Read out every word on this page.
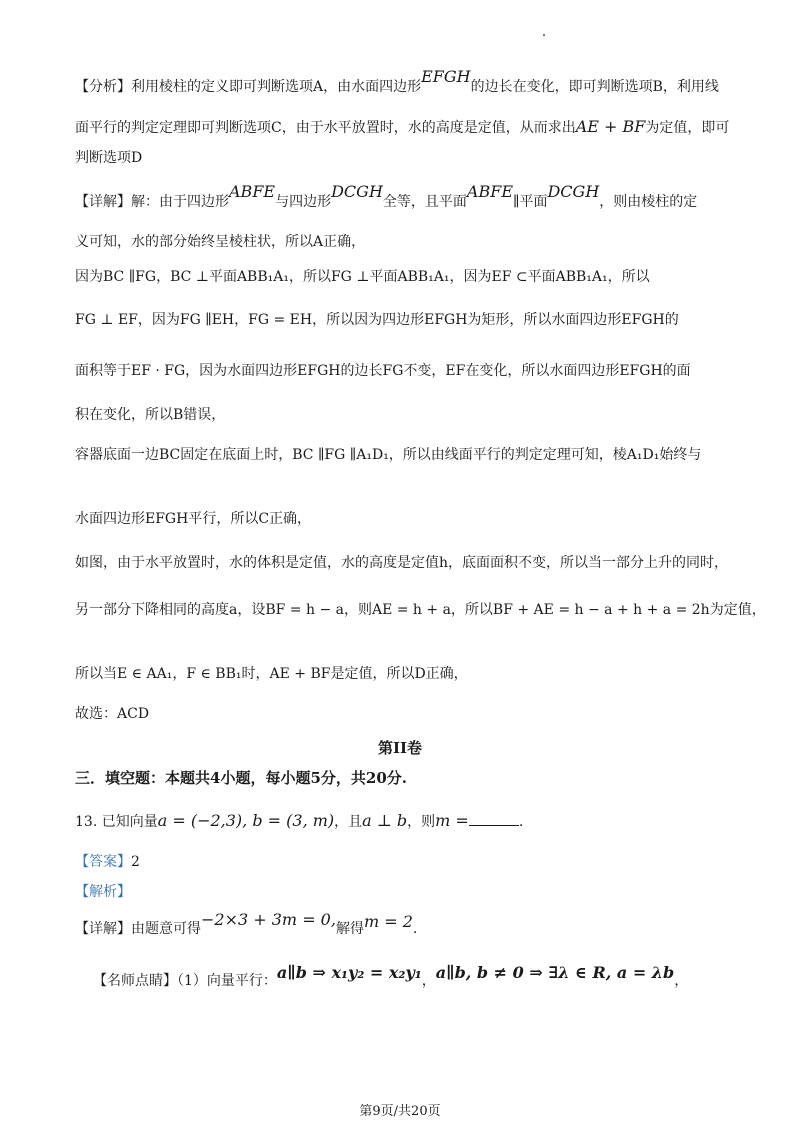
【分析】利用棱柱的定义即可判断选项A，由水面四边形EFGH的边长在变化，即可判断选项B，利用线
面平行的判定定理即可判断选项C，由于水平放置时，水的高度是定值，从而求出AE + BF为定值，即可
判断选项D
【详解】解：由于四边形ABFE与四边形DCGH全等，且平面ABFE∥平面DCGH，则由棱柱的定
义可知，水的部分始终呈棱柱状，所以A正确，
因为BC ∥FG，BC ⊥平面ABB₁A₁，所以FG ⊥平面ABB₁A₁，因为EF ⊂平面ABB₁A₁，所以
FG ⊥ EF，因为FG ∥EH，FG = EH，所以因为四边形EFGH为矩形，所以水面四边形EFGH的
面积等于EF · FG，因为水面四边形EFGH的边长FG不变，EF在变化，所以水面四边形EFGH的面
积在变化，所以B错误，
容器底面一边BC固定在底面上时，BC ∥FG ∥A₁D₁，所以由线面平行的判定定理可知，棱A₁D₁始终与
水面四边形EFGH平行，所以C正确，
如图，由于水平放置时，水的体积是定值，水的高度是定值h，底面面积不变，所以当一部分上升的同时，
另一部分下降相同的高度a，设BF = h − a，则AE = h + a，所以BF + AE = h − a + h + a = 2h为定值，
所以当E ∈ AA₁，F ∈ BB₁时，AE + BF是定值，所以D正确，
故选：ACD
第II卷
三．填空题：本题共4小题，每小题5分，共20分.
13. 已知向量a = (−2,3), b = (3, m)，且a ⊥ b，则m =	.
【答案】2
【解析】
【详解】由题意可得−2×3 + 3m = 0,解得m = 2.
【名师点睛】（1）向量平行：a∥b ⇒ x₁y₂ = x₂y₁，a∥b, b ≠ 0 ⇒ ∃λ ∈ R, a = λb，
第9页/共20页
